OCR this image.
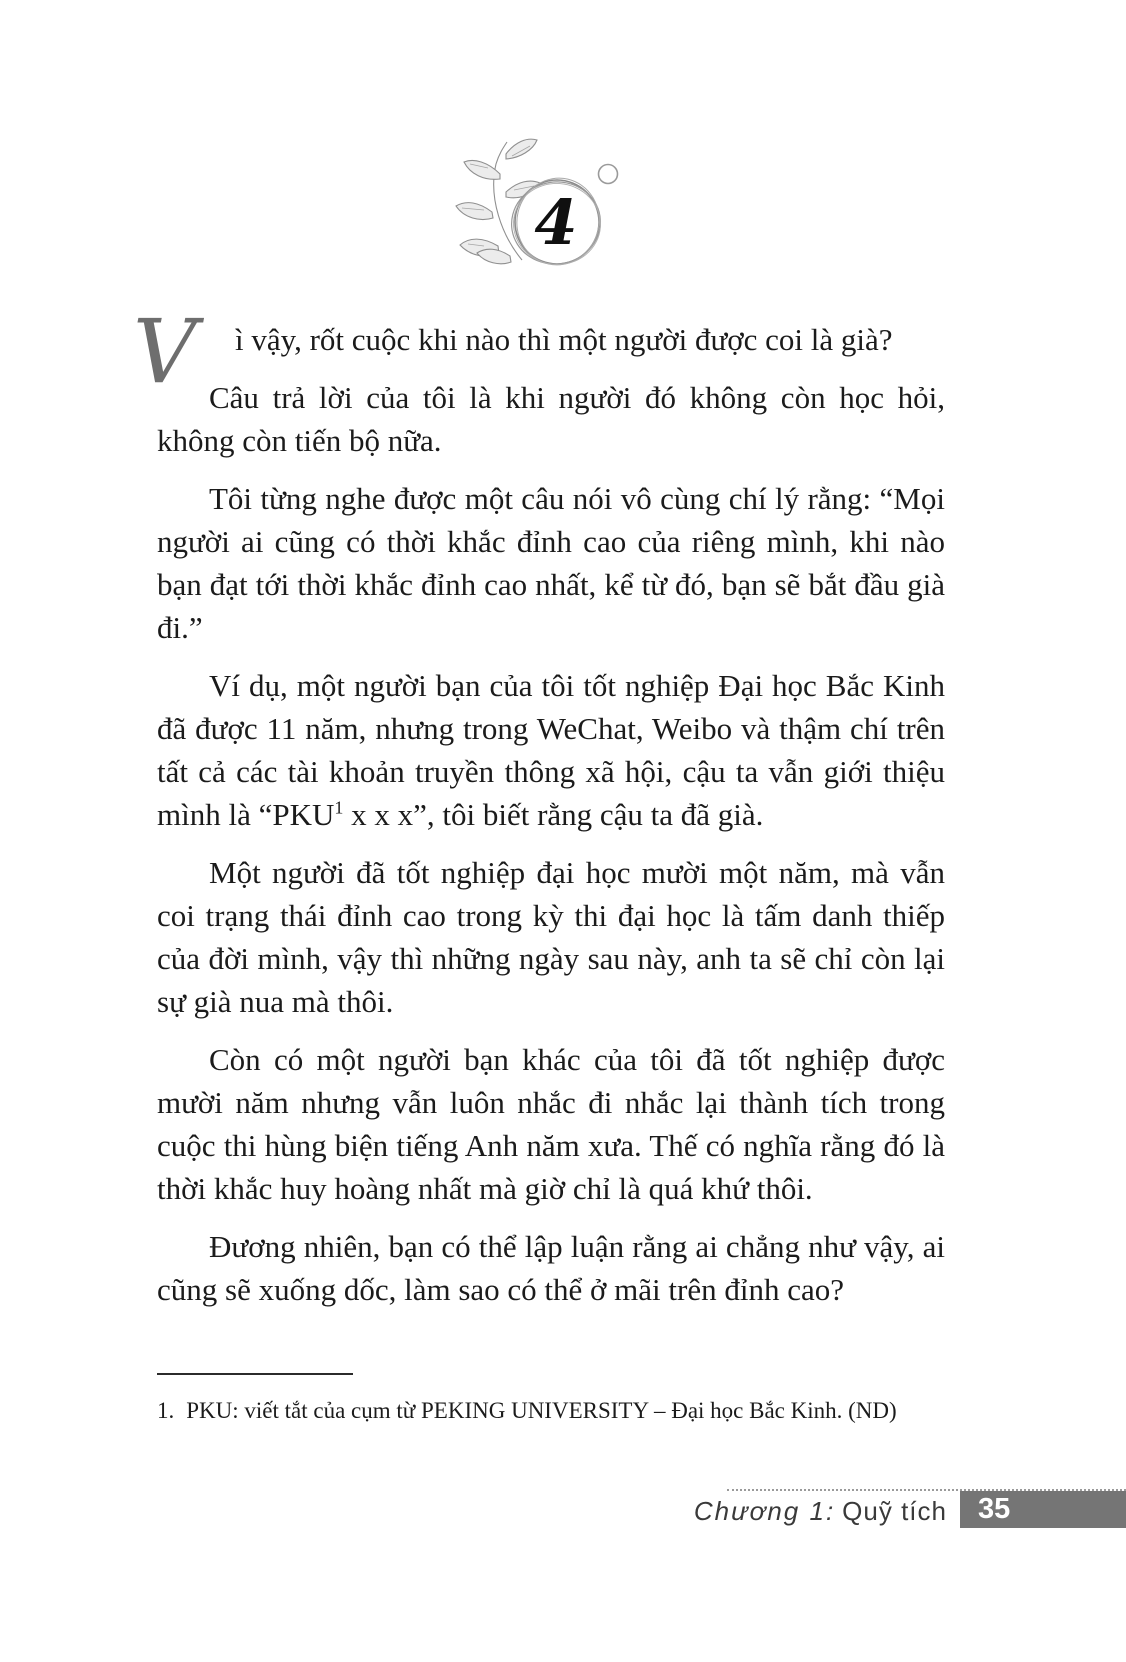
4

V ì vậy, rốt cuộc khi nào thì một người được coi là già?

Câu trả lời của tôi là khi người đó không còn học hỏi, không còn tiến bộ nữa.

Tôi từng nghe được một câu nói vô cùng chí lý rằng: “Mọi người ai cũng có thời khắc đỉnh cao của riêng mình, khi nào bạn đạt tới thời khắc đỉnh cao nhất, kể từ đó, bạn sẽ bắt đầu già đi.”

Ví dụ, một người bạn của tôi tốt nghiệp Đại học Bắc Kinh đã được 11 năm, nhưng trong WeChat, Weibo và thậm chí trên tất cả các tài khoản truyền thông xã hội, cậu ta vẫn giới thiệu mình là “PKU$^1$ x x x”, tôi biết rằng cậu ta đã già.

Một người đã tốt nghiệp đại học mười một năm, mà vẫn coi trạng thái đỉnh cao trong kỳ thi đại học là tấm danh thiếp của đời mình, vậy thì những ngày sau này, anh ta sẽ chỉ còn lại sự già nua mà thôi.

Còn có một người bạn khác của tôi đã tốt nghiệp được mười năm nhưng vẫn luôn nhắc đi nhắc lại thành tích trong cuộc thi hùng biện tiếng Anh năm xưa. Thế có nghĩa rằng đó là thời khắc huy hoàng nhất mà giờ chỉ là quá khứ thôi.

Đương nhiên, bạn có thể lập luận rằng ai chẳng như vậy, ai cũng sẽ xuống dốc, làm sao có thể ở mãi trên đỉnh cao?

1. PKU: viết tắt của cụm từ PEKING UNIVERSITY – Đại học Bắc Kinh. (ND)

Chương 1: Quỹ tích 35
